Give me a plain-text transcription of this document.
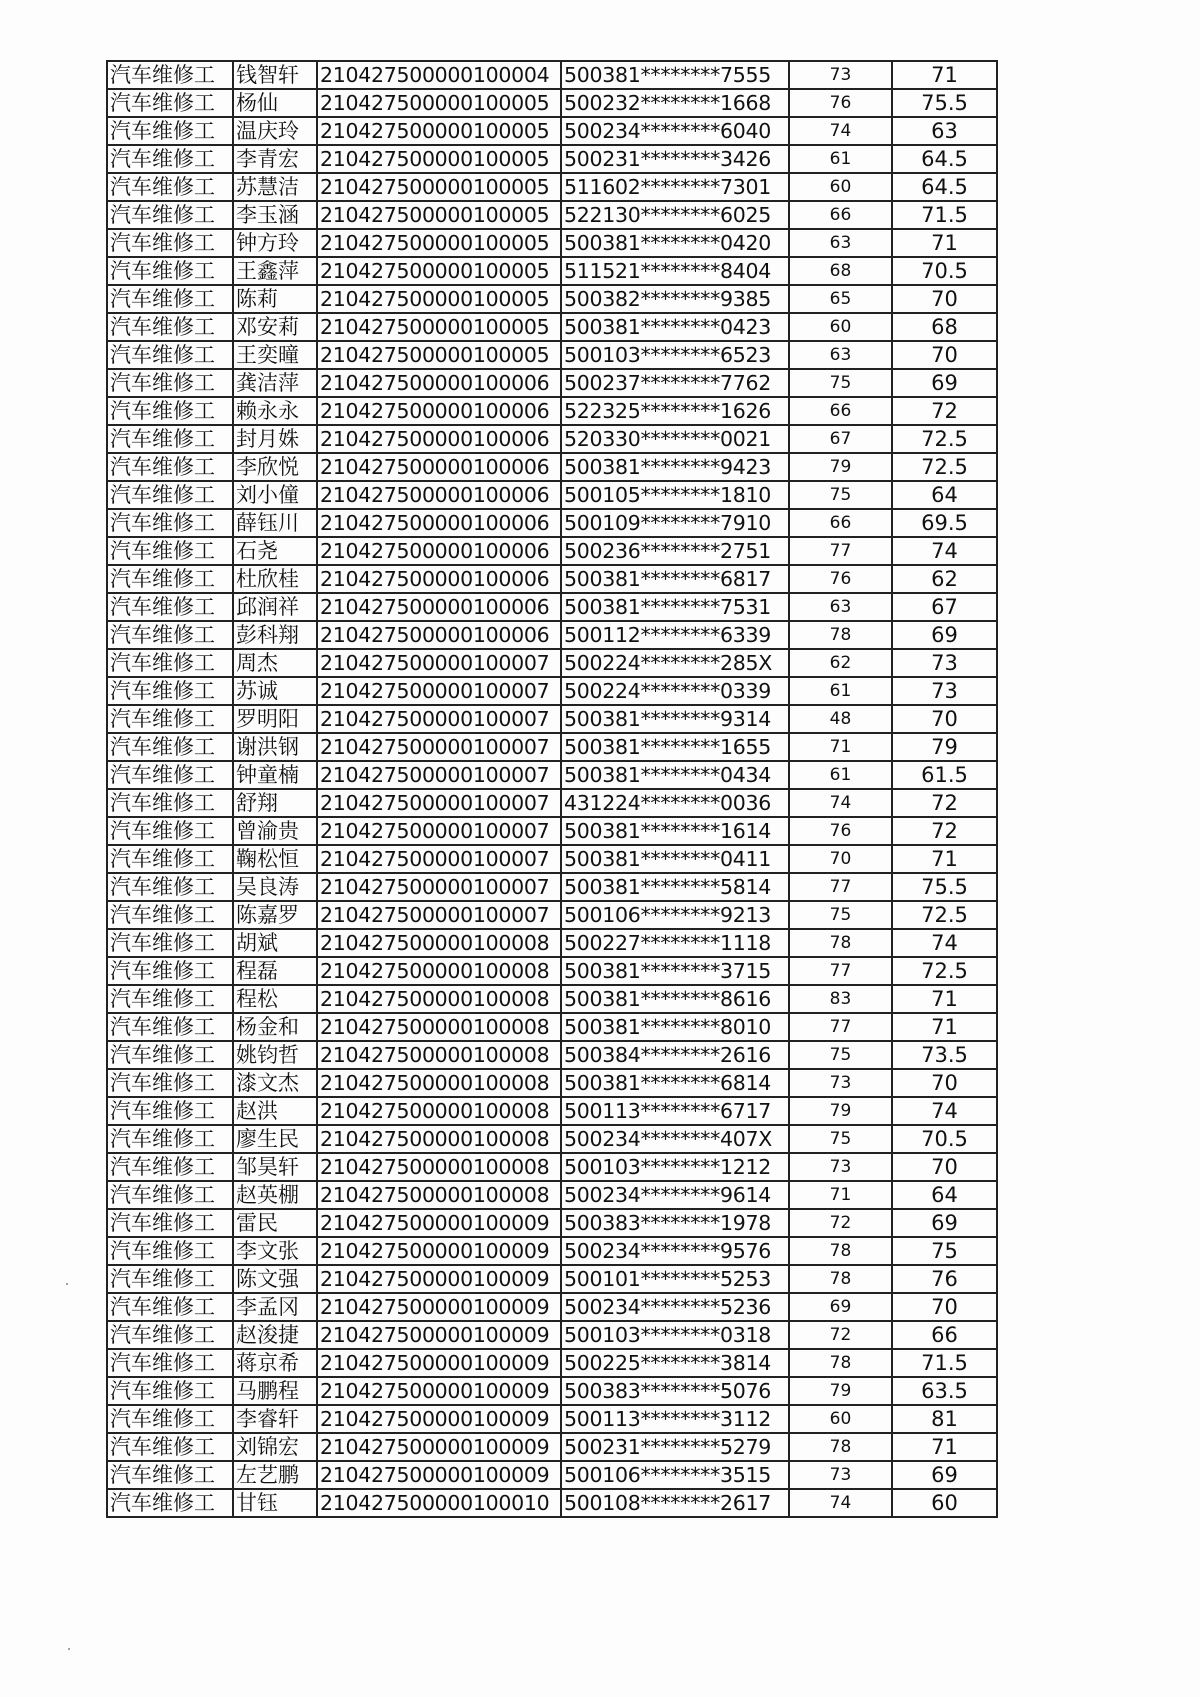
汽车维修工	钱智轩	210427500000100004	500381********7555	73	71
汽车维修工	杨仙	210427500000100005	500232********1668	76	75.5
汽车维修工	温庆玲	210427500000100005	500234********6040	74	63
汽车维修工	李青宏	210427500000100005	500231********3426	61	64.5
汽车维修工	苏慧洁	210427500000100005	511602********7301	60	64.5
汽车维修工	李玉涵	210427500000100005	522130********6025	66	71.5
汽车维修工	钟方玲	210427500000100005	500381********0420	63	71
汽车维修工	王鑫萍	210427500000100005	511521********8404	68	70.5
汽车维修工	陈莉	210427500000100005	500382********9385	65	70
汽车维修工	邓安莉	210427500000100005	500381********0423	60	68
汽车维修工	王奕曈	210427500000100005	500103********6523	63	70
汽车维修工	龚洁萍	210427500000100006	500237********7762	75	69
汽车维修工	赖永永	210427500000100006	522325********1626	66	72
汽车维修工	封月姝	210427500000100006	520330********0021	67	72.5
汽车维修工	李欣悦	210427500000100006	500381********9423	79	72.5
汽车维修工	刘小僮	210427500000100006	500105********1810	75	64
汽车维修工	薛钰川	210427500000100006	500109********7910	66	69.5
汽车维修工	石尧	210427500000100006	500236********2751	77	74
汽车维修工	杜欣桂	210427500000100006	500381********6817	76	62
汽车维修工	邱润祥	210427500000100006	500381********7531	63	67
汽车维修工	彭科翔	210427500000100006	500112********6339	78	69
汽车维修工	周杰	210427500000100007	500224********285X	62	73
汽车维修工	苏诚	210427500000100007	500224********0339	61	73
汽车维修工	罗明阳	210427500000100007	500381********9314	48	70
汽车维修工	谢洪钢	210427500000100007	500381********1655	71	79
汽车维修工	钟童楠	210427500000100007	500381********0434	61	61.5
汽车维修工	舒翔	210427500000100007	431224********0036	74	72
汽车维修工	曾渝贵	210427500000100007	500381********1614	76	72
汽车维修工	鞠松恒	210427500000100007	500381********0411	70	71
汽车维修工	吴良涛	210427500000100007	500381********5814	77	75.5
汽车维修工	陈嘉罗	210427500000100007	500106********9213	75	72.5
汽车维修工	胡斌	210427500000100008	500227********1118	78	74
汽车维修工	程磊	210427500000100008	500381********3715	77	72.5
汽车维修工	程松	210427500000100008	500381********8616	83	71
汽车维修工	杨金和	210427500000100008	500381********8010	77	71
汽车维修工	姚钧哲	210427500000100008	500384********2616	75	73.5
汽车维修工	漆文杰	210427500000100008	500381********6814	73	70
汽车维修工	赵洪	210427500000100008	500113********6717	79	74
汽车维修工	廖生民	210427500000100008	500234********407X	75	70.5
汽车维修工	邹昊轩	210427500000100008	500103********1212	73	70
汽车维修工	赵英棚	210427500000100008	500234********9614	71	64
汽车维修工	雷民	210427500000100009	500383********1978	72	69
汽车维修工	李文张	210427500000100009	500234********9576	78	75
汽车维修工	陈文强	210427500000100009	500101********5253	78	76
汽车维修工	李孟冈	210427500000100009	500234********5236	69	70
汽车维修工	赵浚捷	210427500000100009	500103********0318	72	66
汽车维修工	蒋京希	210427500000100009	500225********3814	78	71.5
汽车维修工	马鹏程	210427500000100009	500383********5076	79	63.5
汽车维修工	李睿轩	210427500000100009	500113********3112	60	81
汽车维修工	刘锦宏	210427500000100009	500231********5279	78	71
汽车维修工	左艺鹏	210427500000100009	500106********3515	73	69
汽车维修工	甘钰	210427500000100010	500108********2617	74	60
